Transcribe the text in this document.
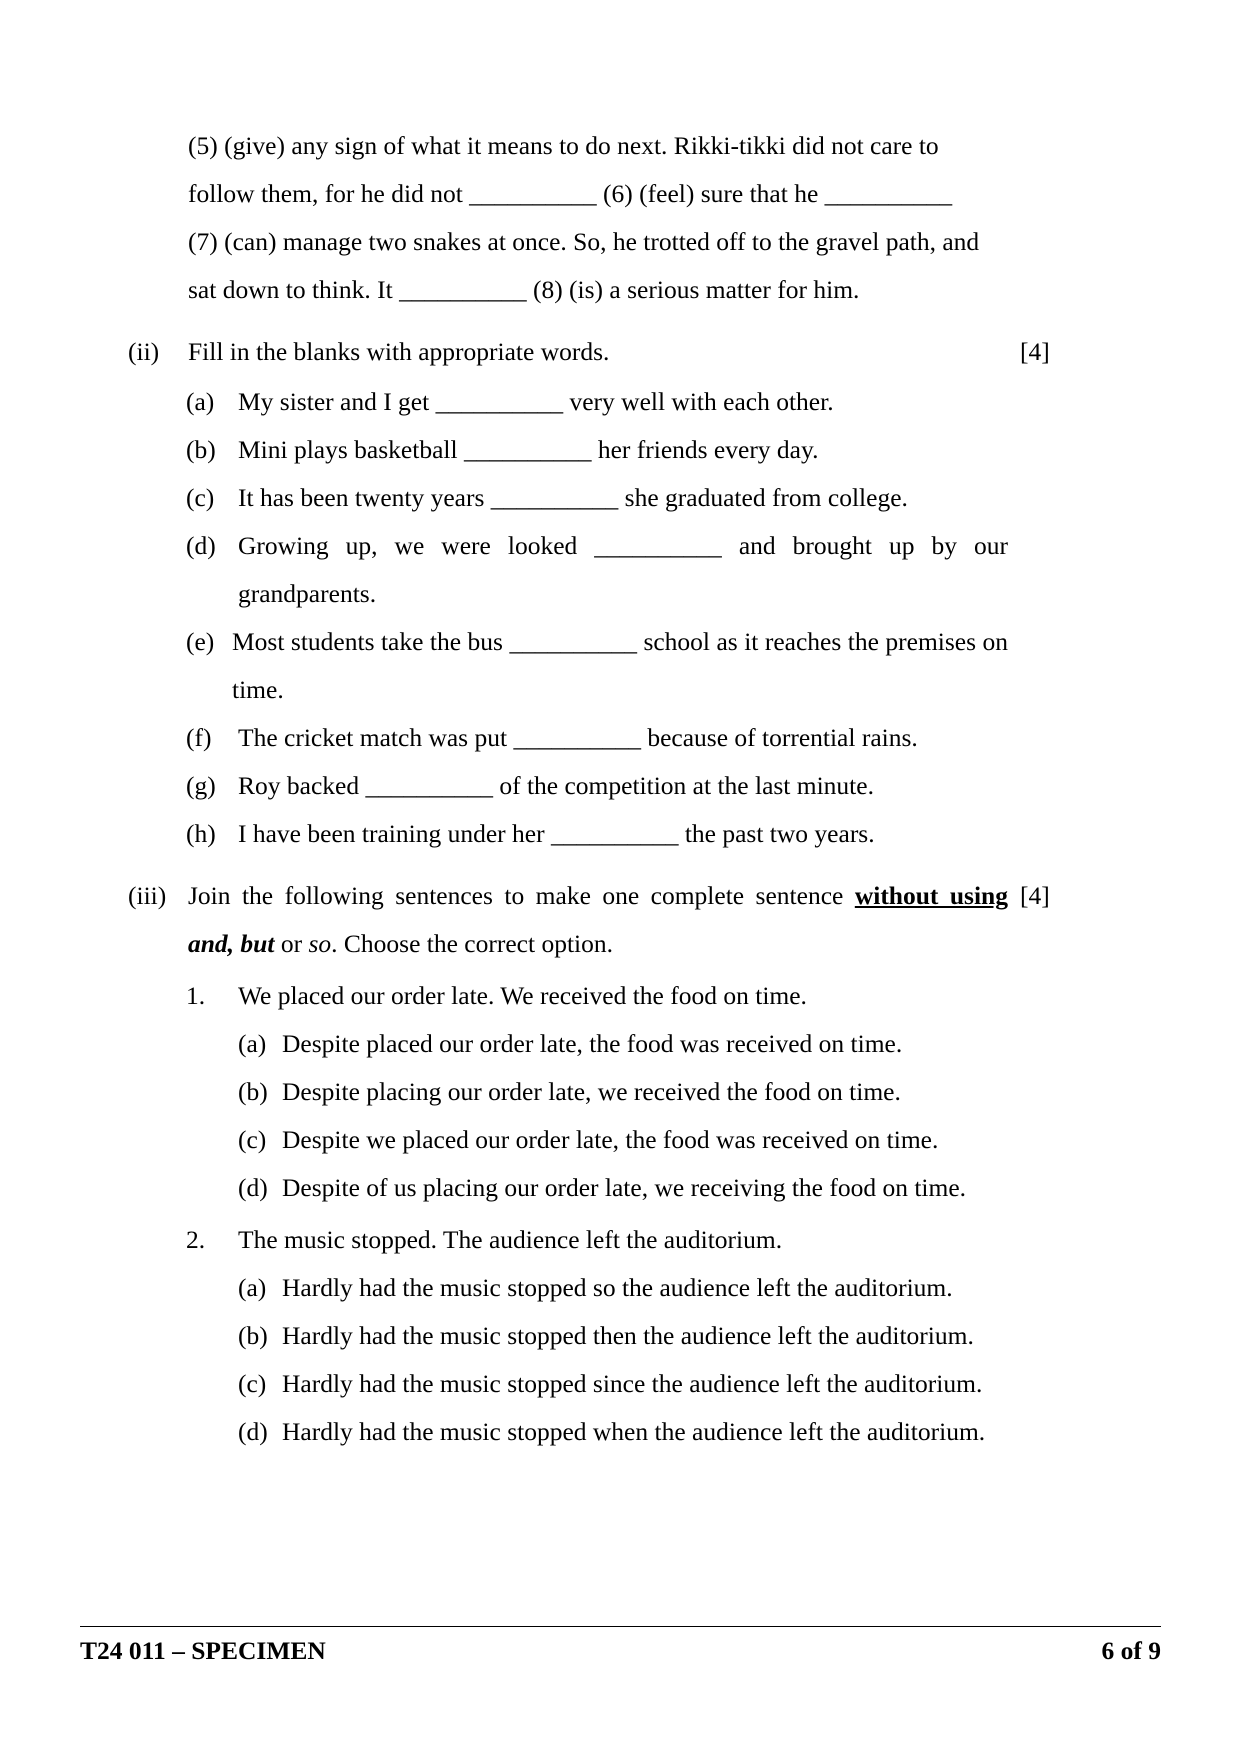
(5) (give) any sign of what it means to do next. Rikki-tikki did not care to

follow them, for he did not __________ (6) (feel) sure that he __________

(7) (can) manage two snakes at once. So, he trotted off to the gravel path, and

sat down to think. It __________ (8) (is) a serious matter for him.

(ii)	Fill in the blanks with appropriate words.	[4]
(a) My sister and I get __________ very well with each other.
(b) Mini plays basketball __________ her friends every day.
(c) It has been twenty years __________ she graduated from college.
(d) Growing up, we were looked __________ and brought up by our grandparents.
(e) Most students take the bus __________ school as it reaches the premises on time.
(f)	The cricket match was put __________ because of torrential rains.
(g) Roy backed __________ of the competition at the last minute.
(h) I have been training under her __________ the past two years.
(iii) Join the following sentences to make one complete sentence without using and, but or so. Choose the correct option.

[4]
1.	We placed our order late. We received the food on time.
(a) Despite placed our order late, the food was received on time.
(b) Despite placing our order late, we received the food on time.
(c) Despite we placed our order late, the food was received on time.
(d) Despite of us placing our order late, we receiving the food on time.
2.	The music stopped. The audience left the auditorium.
(a) Hardly had the music stopped so the audience left the auditorium.
(b) Hardly had the music stopped then the audience left the auditorium.
(c) Hardly had the music stopped since the audience left the auditorium.
(d) Hardly had the music stopped when the audience left the auditorium.
T24 011 – SPECIMEN	6 of 9
